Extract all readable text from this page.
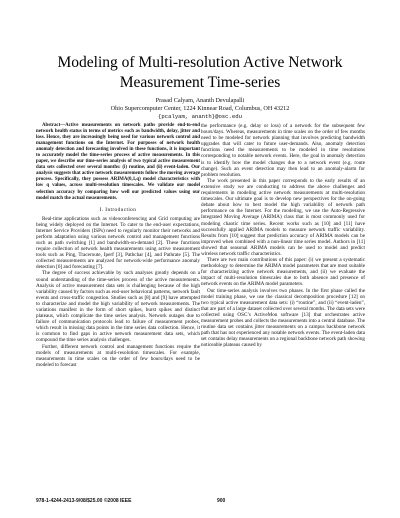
Modeling of Multi-resolution Active Network
Measurement Time-series
Prasad Calyam, Ananth Devulapalli
Ohio Supercomputer Center, 1224 Kinnear Road, Columbus, OH 43212
{pcalyam, ananth}@osc.edu
Abstract—Active measurements on network paths provide end-to-end network health status in terms of metrics such as bandwidth, delay, jitter and loss. Hence, they are increasingly being used for various network control and management functions on the Internet. For purposes of network health anomaly detection and forecasting involved in these functions, it is important to accurately model the time-series process of active measurements. In this paper, we describe our time-series analysis of two typical active measurement data sets collected over several months: (i) routine, and (ii) event-laden. Our analysis suggests that active network measurements follow the moving average process. Specifically, they possess ARIMA(0,1,q) model characteristics with low q values, across multi-resolution timescales. We validate our model selection accuracy by comparing how well our predicted values using our model match the actual measurements.
I. Introduction
Real-time applications such as videoconferencing and Grid computing are being widely deployed on the Internet. To cater to the end-user expectations, Internet Service Providers (ISPs) need to regularly monitor their networks and perform adaptation using various network control and management functions such as path switching [1] and bandwidth-on-demand [2]. These functions require collection of network health measurements using active measurement tools such as Ping, Traceroute, Iperf [3], Pathchar [4], and Pathrate [5]. The collected measurements are analyzed for network-wide performance anomaly detection [6] and forecasting [7].
The degree of success achievable by such analyses greatly depends on a sound understanding of the time-series process of the active measurements. Analysis of active measurement data sets is challenging because of the high variability caused by factors such as end-user behavioral patterns, network fault events and cross-traffic congestion. Studies such as [8] and [9] have attempted to characterize and model the high variability of network measurements. The variations manifest in the form of short spikes, burst spikes and distinct plateaus, which complicate the time series analysis. Network outages due to failure of communication protocols lead to failure of measurement probes, which result in missing data points in the time series data collection. Hence, it is common to find gaps in active network measurement data sets, which compound the time series analysis challenges.
Further, different network control and management functions require the models of measurements at multi-resolution timescales. For example, measurements in time scales on the order of few hours/days need to be modeled to forecast
the performance (e.g. delay or loss) of a network for the subsequent few hours/days. Whereas, measurements in time scales on the order of few months need to be modeled for network planning that involves predicting bandwidth upgrades that will cater to future user-demands. Also, anomaly detection functions need the measurements to be modeled in time resolutions corresponding to notable network events. Here, the goal in anomaly detection is to identify how the model changes due to a network event (e.g. route change). Such an event detection may then lead to an anomaly-alarm for problem resolution.
The work presented in this paper corresponds to the early results of an extensive study we are conducting to address the above challenges and requirements in modeling active network measurements at multi-resolution timescales. Our ultimate goal is to develop new perspectives for the on-going debate about how to best model the high variability of network path performance on the Internet. For the modeling, we use the Auto-Regressive Integrated Moving Average (ARIMA) class that is most commonly used for modeling chaotic time series. Recent works such as [10] and [11] have successfully applied ARIMA models to measure network traffic variability. Results from [10] suggest that prediction accuracy of ARIMA models can be improved when combined with a non-linear time series model. Authors in [11] showed that seasonal ARIMA models can be used to model and predict wireless network traffic characteristics.
There are two main contributions of this paper: (i) we present a systematic methodology to determine the ARIMA model parameters that are most suitable for characterizing active network measurements, and (ii) we evaluate the impact of multi-resolution timescales due to both absence and presence of network events on the ARIMA model parameters.
Our time-series analysis involves two phases. In the first phase called the model training phase, we use the classical decomposition procedure [12] on two typical active measurement data sets: (i) “routine”, and (ii) “event-laden”, that are part of a large dataset collected over several months. The data sets were collected using OSC’s ActiveMon software [13] that orchestrates active measurement probes and collects the measurements into a central database. The routine data set contains jitter measurements on a campus backbone network path that has not experienced any notable network events. The event-laden data set contains delay measurements on a regional backbone network path showing noticeable plateaus caused by
978-1-4244-2413-9/08/$25.00 ©2008 IEEE	900
